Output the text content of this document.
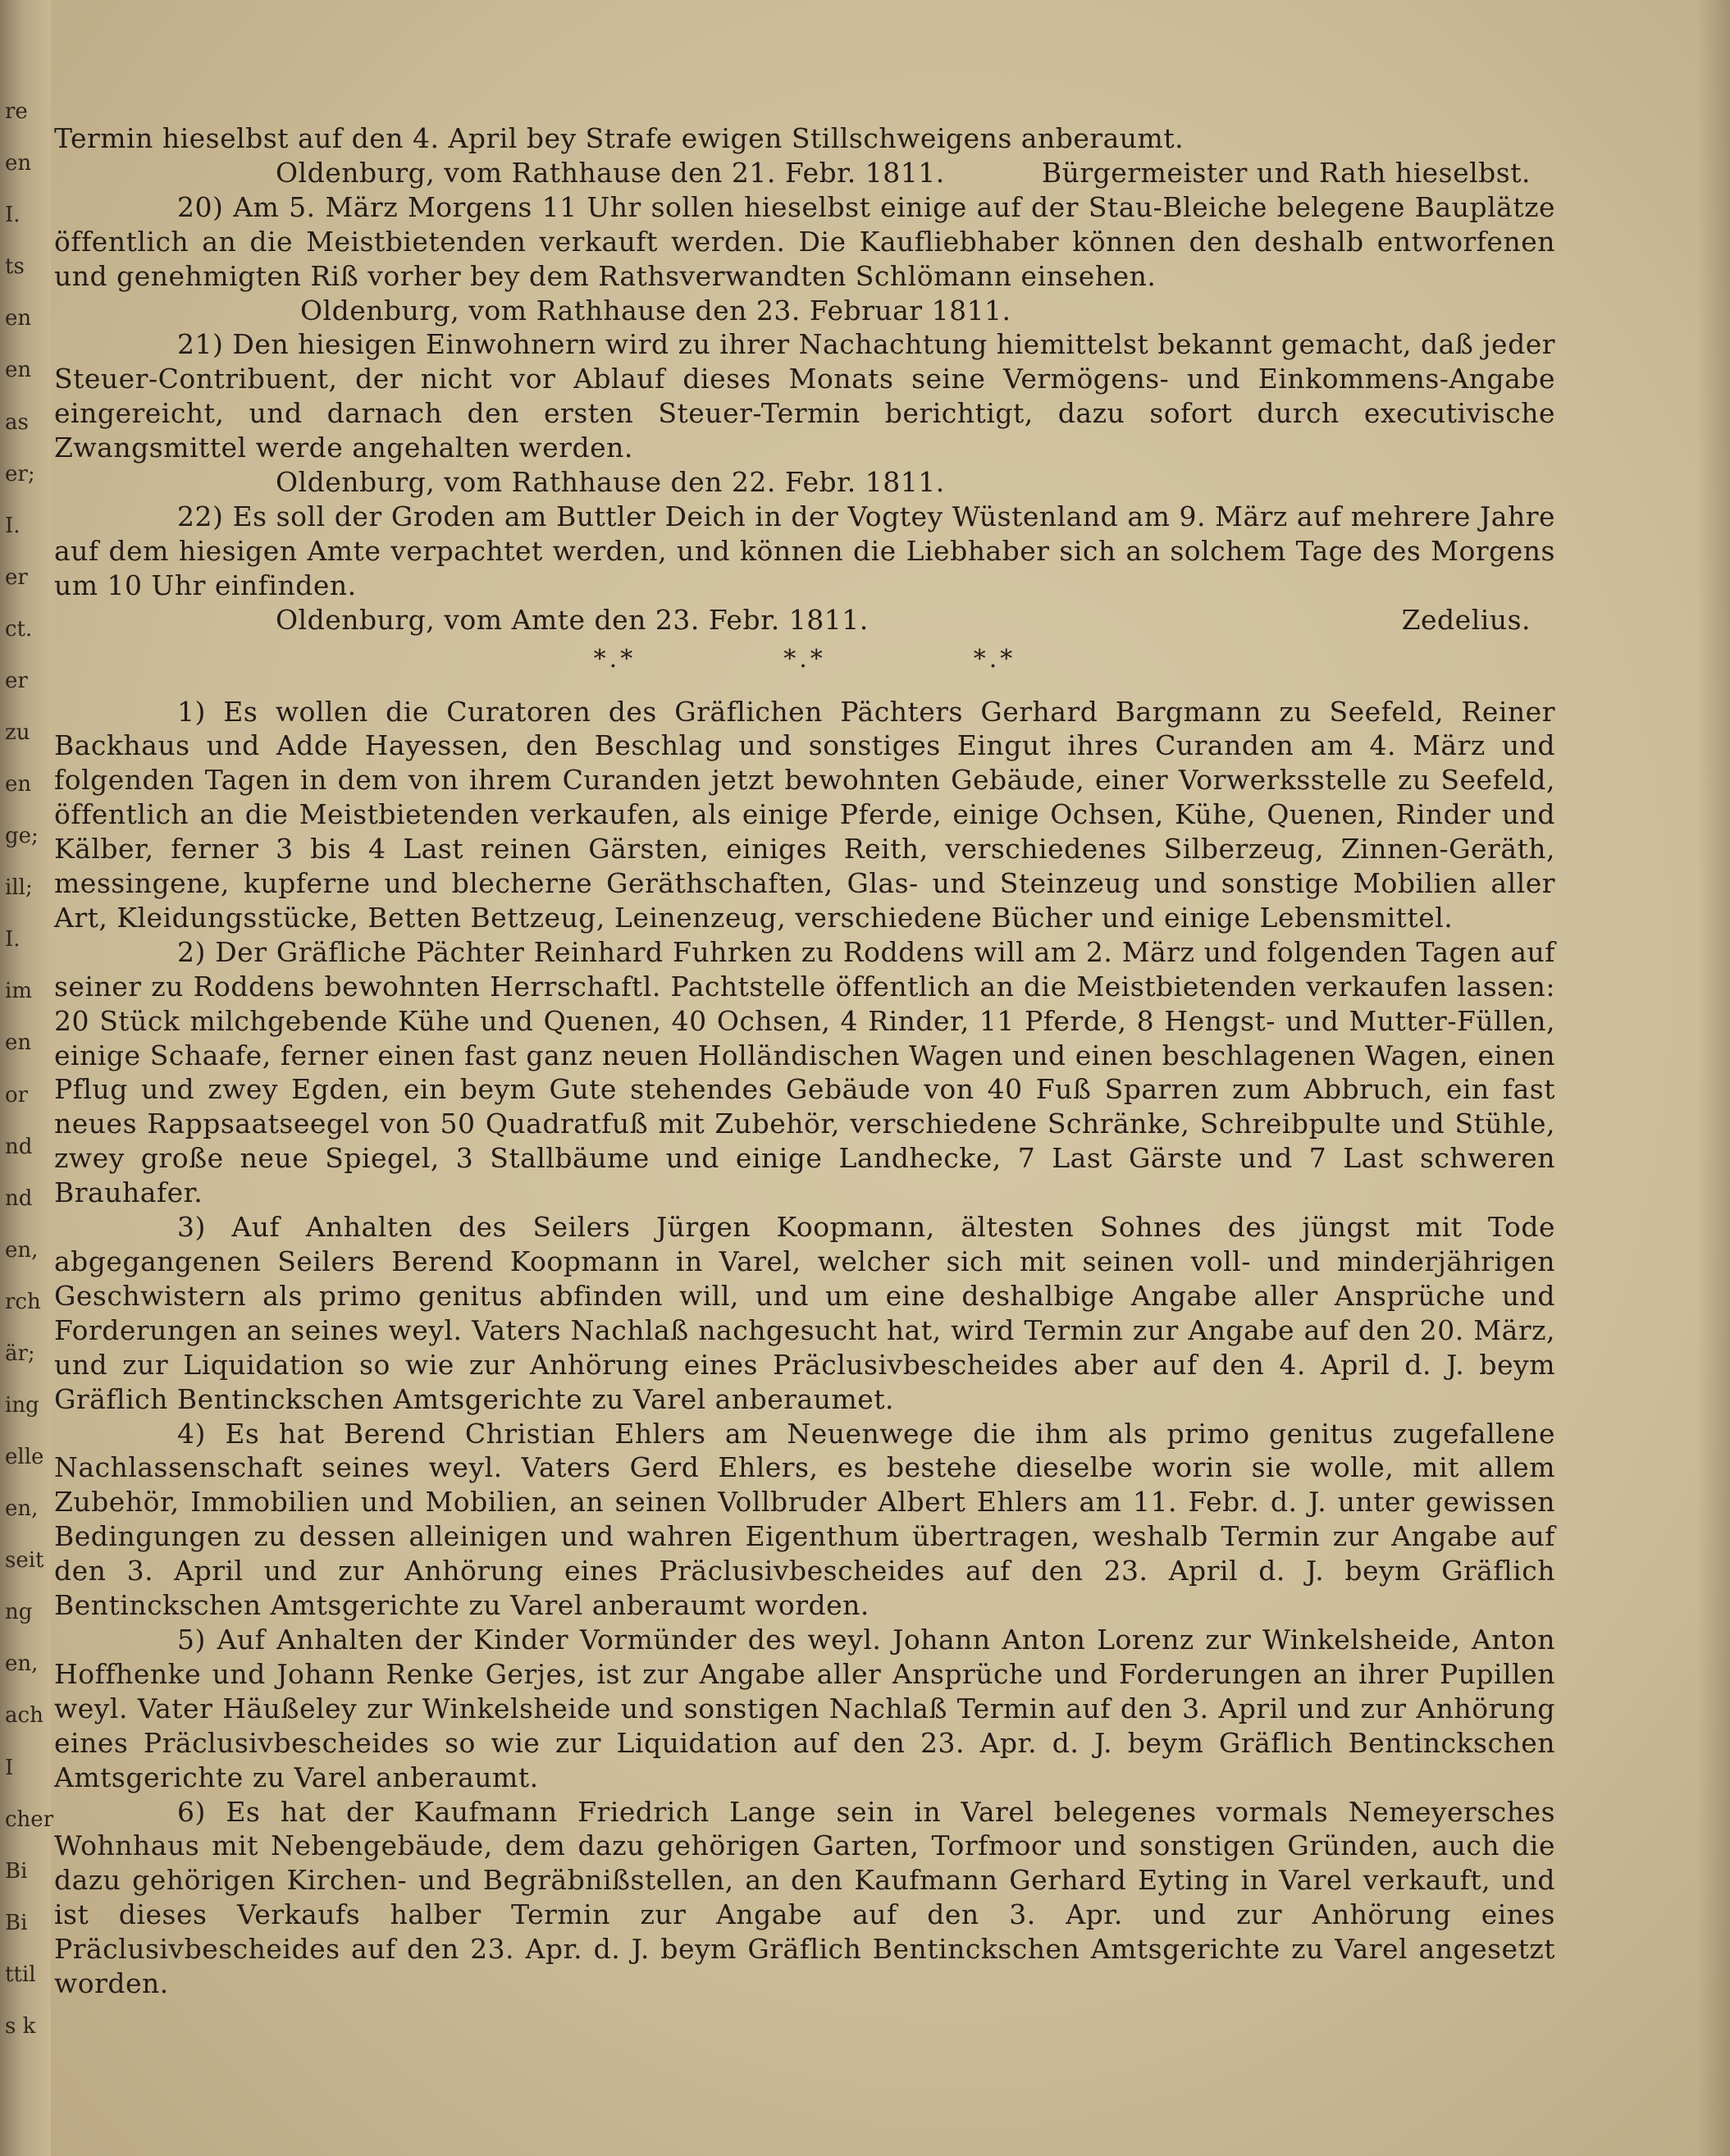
re
en
I.
ts
en
en
as
er;
I.
er
ct.
er
zu
en
ge;
ill;
I.
im
en
or
nd
nd
en,
rch
är;
ing
elle
en,
seit
ng
en,
ach
I
cher
Bi
Bi
ttil
s k

Termin hieselbst auf den 4. April bey Strafe ewigen Stillschweigens anberaumt.

Oldenburg, vom Rathhause den 21. Febr. 1811.	Bürgermeister und Rath hieselbst.

20) Am 5. März Morgens 11 Uhr sollen hieselbst einige auf der Stau-Bleiche belegene Bauplätze öffentlich an die Meistbietenden verkauft werden. Die Kaufliebhaber können den deshalb entworfenen und genehmigten Riß vorher bey dem Rathsverwandten Schlömann einsehen.

Oldenburg, vom Rathhause den 23. Februar 1811.

21) Den hiesigen Einwohnern wird zu ihrer Nachachtung hiemittelst bekannt gemacht, daß jeder Steuer-Contribuent, der nicht vor Ablauf dieses Monats seine Vermögens- und Einkommens-Angabe eingereicht, und darnach den ersten Steuer-Termin berichtigt, dazu sofort durch executivische Zwangsmittel werde angehalten werden.

Oldenburg, vom Rathhause den 22. Febr. 1811.

22) Es soll der Groden am Buttler Deich in der Vogtey Wüstenland am 9. März auf mehrere Jahre auf dem hiesigen Amte verpachtet werden, und können die Liebhaber sich an solchem Tage des Morgens um 10 Uhr einfinden.

Oldenburg, vom Amte den 23. Febr. 1811.	Zedelius.
*.*	*.*	*.*

1) Es wollen die Curatoren des Gräflichen Pächters Gerhard Bargmann zu Seefeld, Reiner Backhaus und Adde Hayessen, den Beschlag und sonstiges Eingut ihres Curanden am 4. März und folgenden Tagen in dem von ihrem Curanden jetzt bewohnten Gebäude, einer Vorwerksstelle zu Seefeld, öffentlich an die Meistbietenden verkaufen, als einige Pferde, einige Ochsen, Kühe, Quenen, Rinder und Kälber, ferner 3 bis 4 Last reinen Gärsten, einiges Reith, verschiedenes Silberzeug, Zinnen-Geräth, messingene, kupferne und blecherne Geräthschaften, Glas- und Steinzeug und sonstige Mobilien aller Art, Kleidungsstücke, Betten Bettzeug, Leinenzeug, verschiedene Bücher und einige Lebensmittel.

2) Der Gräfliche Pächter Reinhard Fuhrken zu Roddens will am 2. März und folgenden Tagen auf seiner zu Roddens bewohnten Herrschaftl. Pachtstelle öffentlich an die Meistbietenden verkaufen lassen: 20 Stück milchgebende Kühe und Quenen, 40 Ochsen, 4 Rinder, 11 Pferde, 8 Hengst- und Mutter-Füllen, einige Schaafe, ferner einen fast ganz neuen Holländischen Wagen und einen beschlagenen Wagen, einen Pflug und zwey Egden, ein beym Gute stehendes Gebäude von 40 Fuß Sparren zum Abbruch, ein fast neues Rappsaatseegel von 50 Quadratfuß mit Zubehör, verschiedene Schränke, Schreibpulte und Stühle, zwey große neue Spiegel, 3 Stallbäume und einige Landhecke, 7 Last Gärste und 7 Last schweren Brauhafer.

3) Auf Anhalten des Seilers Jürgen Koopmann, ältesten Sohnes des jüngst mit Tode abgegangenen Seilers Berend Koopmann in Varel, welcher sich mit seinen voll- und minderjährigen Geschwistern als primo genitus abfinden will, und um eine deshalbige Angabe aller Ansprüche und Forderungen an seines weyl. Vaters Nachlaß nachgesucht hat, wird Termin zur Angabe auf den 20. März, und zur Liquidation so wie zur Anhörung eines Präclusivbescheides aber auf den 4. April d. J. beym Gräflich Bentinckschen Amtsgerichte zu Varel anberaumet.

4) Es hat Berend Christian Ehlers am Neuenwege die ihm als primo genitus zugefallene Nachlassenschaft seines weyl. Vaters Gerd Ehlers, es bestehe dieselbe worin sie wolle, mit allem Zubehör, Immobilien und Mobilien, an seinen Vollbruder Albert Ehlers am 11. Febr. d. J. unter gewissen Bedingungen zu dessen alleinigen und wahren Eigenthum übertragen, weshalb Termin zur Angabe auf den 3. April und zur Anhörung eines Präclusivbescheides auf den 23. April d. J. beym Gräflich Bentinckschen Amtsgerichte zu Varel anberaumt worden.

5) Auf Anhalten der Kinder Vormünder des weyl. Johann Anton Lorenz zur Winkelsheide, Anton Hoffhenke und Johann Renke Gerjes, ist zur Angabe aller Ansprüche und Forderungen an ihrer Pupillen weyl. Vater Häußeley zur Winkelsheide und sonstigen Nachlaß Termin auf den 3. April und zur Anhörung eines Präclusivbescheides so wie zur Liquidation auf den 23. Apr. d. J. beym Gräflich Bentinckschen Amtsgerichte zu Varel anberaumt.

6) Es hat der Kaufmann Friedrich Lange sein in Varel belegenes vormals Nemeyersches Wohnhaus mit Nebengebäude, dem dazu gehörigen Garten, Torfmoor und sonstigen Gründen, auch die dazu gehörigen Kirchen- und Begräbnißstellen, an den Kaufmann Gerhard Eyting in Varel verkauft, und ist dieses Verkaufs halber Termin zur Angabe auf den 3. Apr. und zur Anhörung eines Präclusivbescheides auf den 23. Apr. d. J. beym Gräflich Bentinckschen Amtsgerichte zu Varel angesetzt worden.
